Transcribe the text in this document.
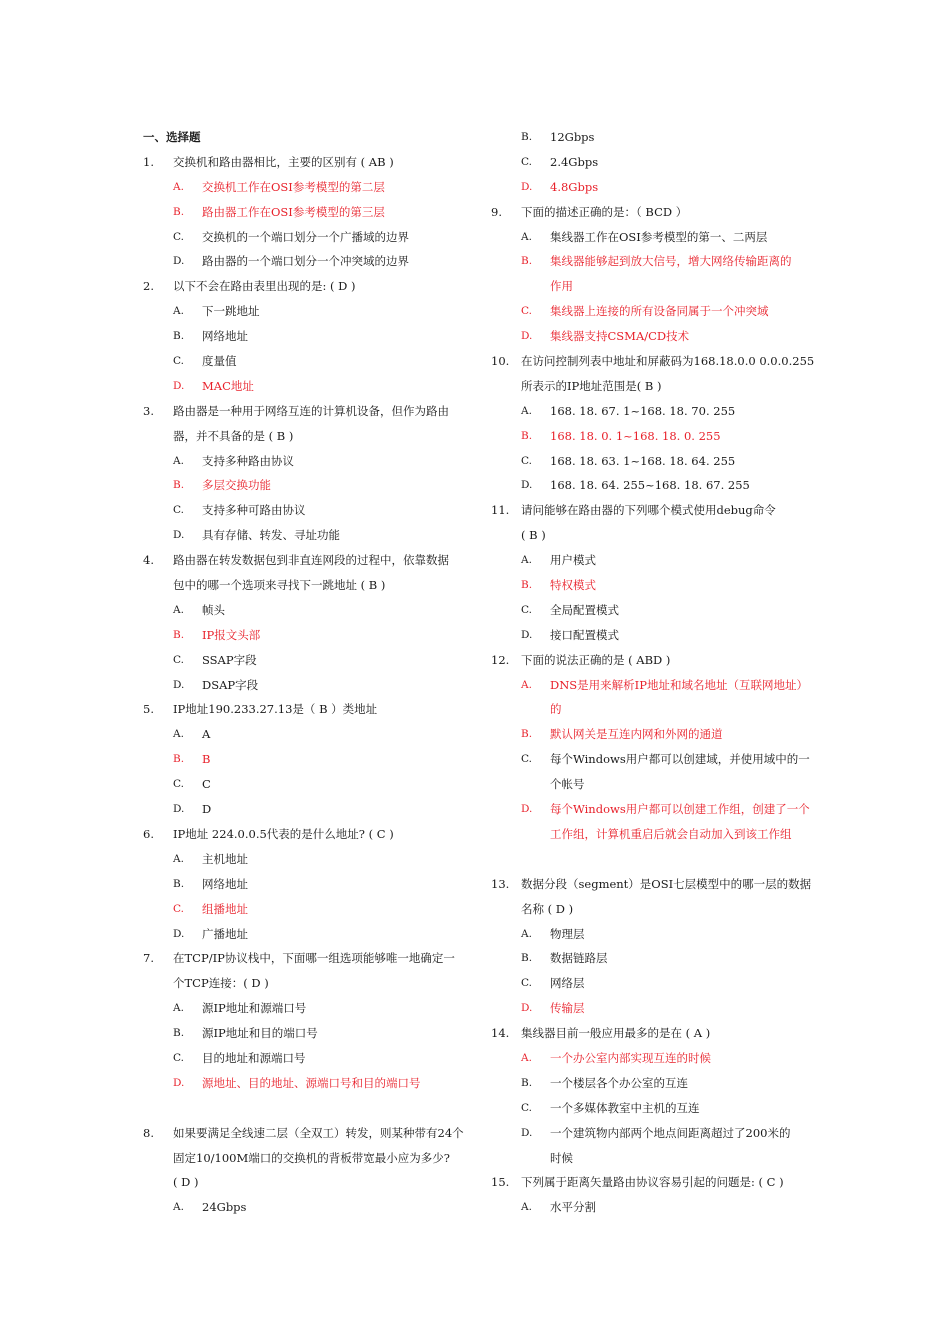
一、选择题
1. 交换机和路由器相比，主要的区别有 ( AB )
A. 交换机工作在OSI参考模型的第二层
B. 路由器工作在OSI参考模型的第三层
C. 交换机的一个端口划分一个广播域的边界
D. 路由器的一个端口划分一个冲突域的边界
2. 以下不会在路由表里出现的是: ( D )
A. 下一跳地址
B. 网络地址
C. 度量值
D. MAC地址
3. 路由器是一种用于网络互连的计算机设备，但作为路由
器，并不具备的是 ( B )
A. 支持多种路由协议
B. 多层交换功能
C. 支持多种可路由协议
D. 具有存储、转发、寻址功能
4. 路由器在转发数据包到非直连网段的过程中，依靠数据
包中的哪一个选项来寻找下一跳地址 ( B )
A. 帧头
B. IP报文头部
C. SSAP字段
D. DSAP字段
5. IP地址190.233.27.13是（ B ）类地址
A. A
B. B
C. C
D. D
6. IP地址 224.0.0.5代表的是什么地址? ( C )
A. 主机地址
B. 网络地址
C. 组播地址
D. 广播地址
7. 在TCP/IP协议栈中，下面哪一组选项能够唯一地确定一
个TCP连接：( D )
A. 源IP地址和源端口号
B. 源IP地址和目的端口号
C. 目的地址和源端口号
D. 源地址、目的地址、源端口号和目的端口号
8. 如果要满足全线速二层（全双工）转发，则某种带有24个
固定10/100M端口的交换机的背板带宽最小应为多少?
( D )
A. 24Gbps
B. 12Gbps
C. 2.4Gbps
D. 4.8Gbps
9. 下面的描述正确的是：（ BCD ）
A. 集线器工作在OSI参考模型的第一、二两层
B. 集线器能够起到放大信号，增大网络传输距离的
作用
C. 集线器上连接的所有设备同属于一个冲突域
D. 集线器支持CSMA/CD技术
10. 在访问控制列表中地址和屏蔽码为168.18.0.0 0.0.0.255
所表示的IP地址范围是( B )
A. 168. 18. 67. 1~168. 18. 70. 255
B. 168. 18. 0. 1~168. 18. 0. 255
C. 168. 18. 63. 1~168. 18. 64. 255
D. 168. 18. 64. 255~168. 18. 67. 255
11. 请问能够在路由器的下列哪个模式使用debug命令
( B )
A. 用户模式
B. 特权模式
C. 全局配置模式
D. 接口配置模式
12. 下面的说法正确的是 ( ABD )
A. DNS是用来解析IP地址和域名地址（互联网地址）
的
B. 默认网关是互连内网和外网的通道
C. 每个Windows用户都可以创建域，并使用域中的一
个帐号
D. 每个Windows用户都可以创建工作组，创建了一个
工作组，计算机重启后就会自动加入到该工作组
13. 数据分段（segment）是OSI七层模型中的哪一层的数据
名称 ( D )
A. 物理层
B. 数据链路层
C. 网络层
D. 传输层
14. 集线器目前一般应用最多的是在 ( A )
A. 一个办公室内部实现互连的时候
B. 一个楼层各个办公室的互连
C. 一个多媒体教室中主机的互连
D. 一个建筑物内部两个地点间距离超过了200米的
时候
15. 下列属于距离矢量路由协议容易引起的问题是: ( C )
A. 水平分割
